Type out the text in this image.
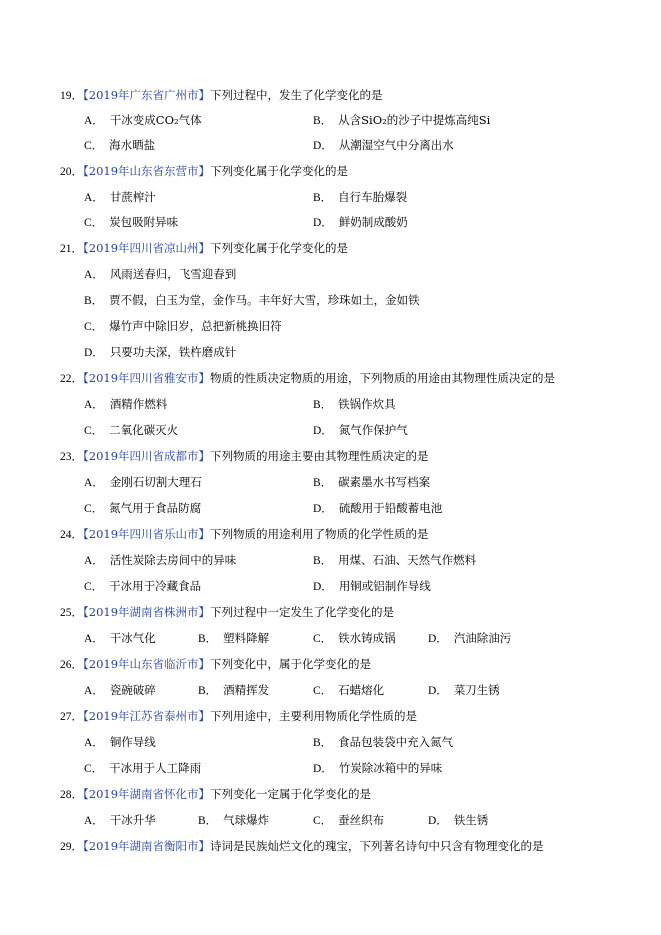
19．【2019年广东省广州市】下列过程中，发生了化学变化的是
A． 干冰变成CO₂气体	B． 从含SiO₂的沙子中提炼高纯Si
C． 海水晒盐	D． 从潮湿空气中分离出水
20．【2019年山东省东营市】下列变化属于化学变化的是
A． 甘蔗榨汁	B． 自行车胎爆裂
C． 炭包吸附异味	D． 鲜奶制成酸奶
21．【2019年四川省凉山州】下列变化属于化学变化的是
A． 风雨送春归，飞雪迎春到
B． 贾不假，白玉为堂，金作马。丰年好大雪，珍珠如土，金如铁
C． 爆竹声中除旧岁，总把新桃换旧符
D． 只要功夫深，铁杵磨成针
22．【2019年四川省雅安市】物质的性质决定物质的用途，下列物质的用途由其物理性质决定的是
A． 酒精作燃料	B． 铁锅作炊具
C． 二氧化碳灭火	D． 氮气作保护气
23．【2019年四川省成都市】下列物质的用途主要由其物理性质决定的是
A． 金刚石切割大理石	B． 碳素墨水书写档案
C． 氮气用于食品防腐	D． 硫酸用于铅酸蓄电池
24．【2019年四川省乐山市】下列物质的用途利用了物质的化学性质的是
A． 活性炭除去房间中的异味	B． 用煤、石油、天然气作燃料
C． 干冰用于冷藏食品	D． 用铜或铝制作导线
25．【2019年湖南省株洲市】下列过程中一定发生了化学变化的是
A． 干冰气化	B． 塑料降解	C． 铁水铸成锅	D． 汽油除油污
26．【2019年山东省临沂市】下列变化中，属于化学变化的是
A． 瓷碗破碎	B． 酒精挥发	C． 石蜡熔化	D． 菜刀生锈
27．【2019年江苏省泰州市】下列用途中，主要利用物质化学性质的是
A． 铜作导线	B． 食品包装袋中充入氮气
C． 干冰用于人工降雨	D． 竹炭除冰箱中的异味
28．【2019年湖南省怀化市】下列变化一定属于化学变化的是
A． 干冰升华	B． 气球爆炸	C． 蚕丝织布	D． 铁生锈
29．【2019年湖南省衡阳市】诗词是民族灿烂文化的瑰宝，下列著名诗句中只含有物理变化的是
